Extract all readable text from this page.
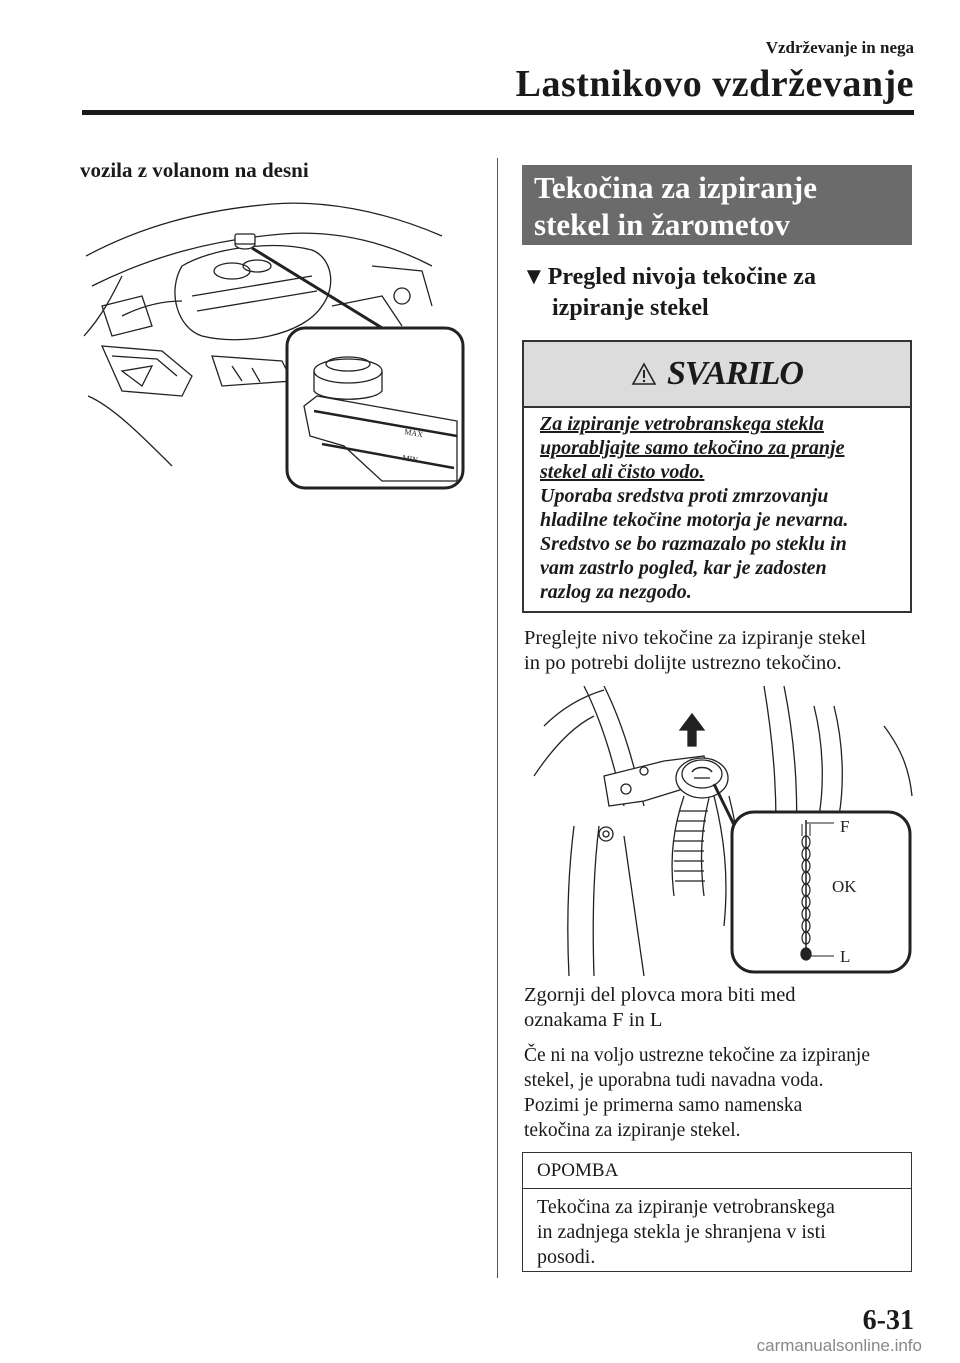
Vzdrževanje in nega
Lastnikovo vzdrževanje
vozila z volanom na desni
MAX
MIN
Tekočina za izpiranje
stekel in žarometov
▼Pregled nivoja tekočine za
izpiranje stekel
SVARILO
Za izpiranje vetrobranskega stekla
uporabljajte samo tekočino za pranje
stekel ali čisto vodo.
Uporaba sredstva proti zmrzovanju
hladilne tekočine motorja je nevarna.
Sredstvo se bo razmazalo po steklu in
vam zastrlo pogled, kar je zadosten
razlog za nezgodo.
Preglejte nivo tekočine za izpiranje stekel
in po potrebi dolijte ustrezno tekočino.
F
OK
L
Zgornji del plovca mora biti med
oznakama F in L
Če ni na voljo ustrezne tekočine za izpiranje
stekel, je uporabna tudi navadna voda.
Pozimi je primerna samo namenska
tekočina za izpiranje stekel.
OPOMBA
Tekočina za izpiranje vetrobranskega
in zadnjega stekla je shranjena v isti
posodi.
6-31
carmanualsonline.info
